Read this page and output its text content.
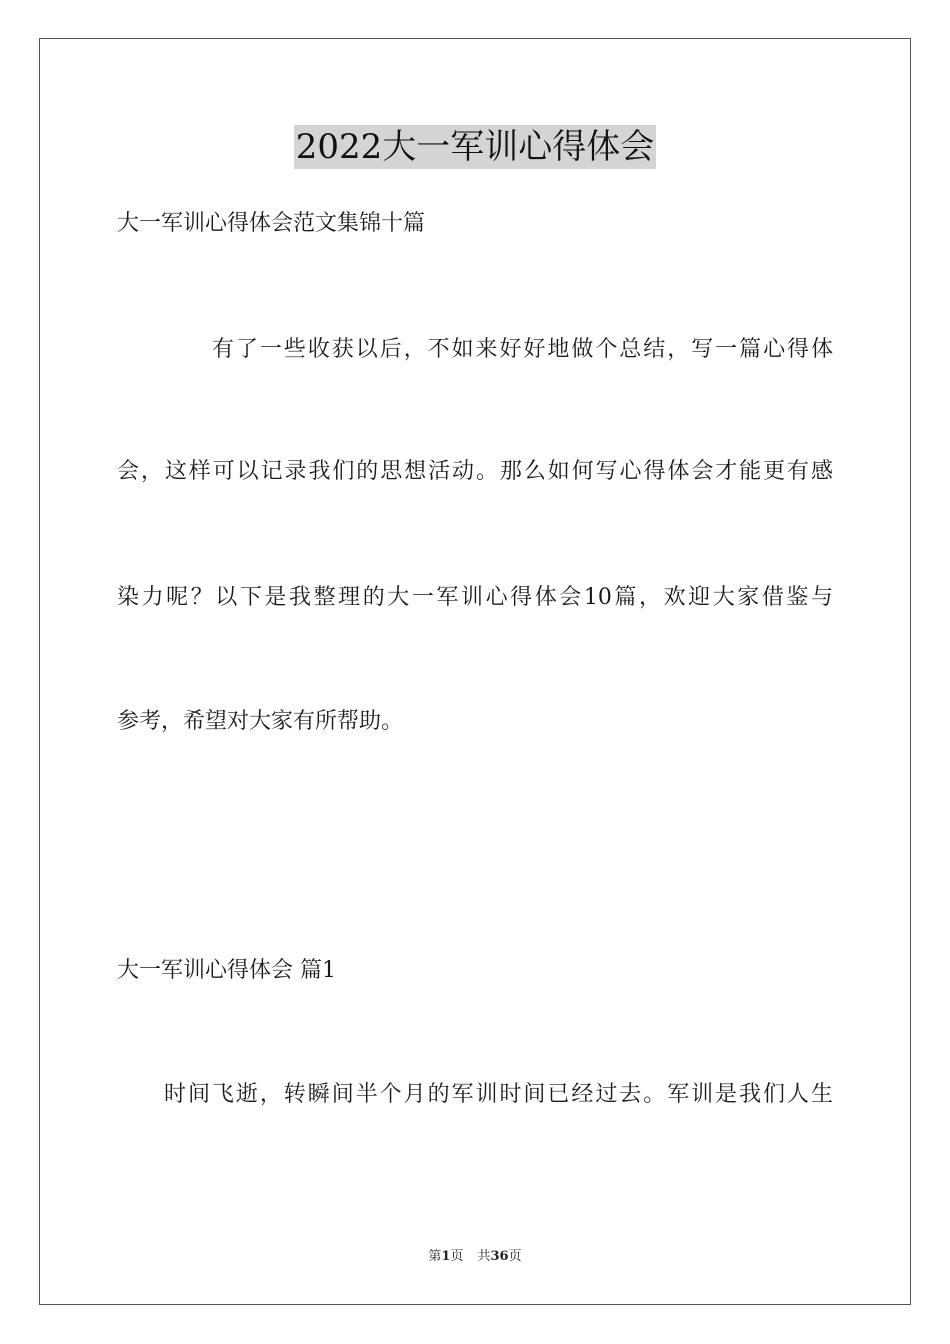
2022大一军训心得体会
大一军训心得体会范文集锦十篇
有了一些收获以后，不如来好好地做个总结，写一篇心得体
会，这样可以记录我们的思想活动。那么如何写心得体会才能更有感
染力呢？以下是我整理的大一军训心得体会10篇，欢迎大家借鉴与
参考，希望对大家有所帮助。
大一军训心得体会 篇1
时间飞逝，转瞬间半个月的军训时间已经过去。军训是我们人生
第1页 共36页
